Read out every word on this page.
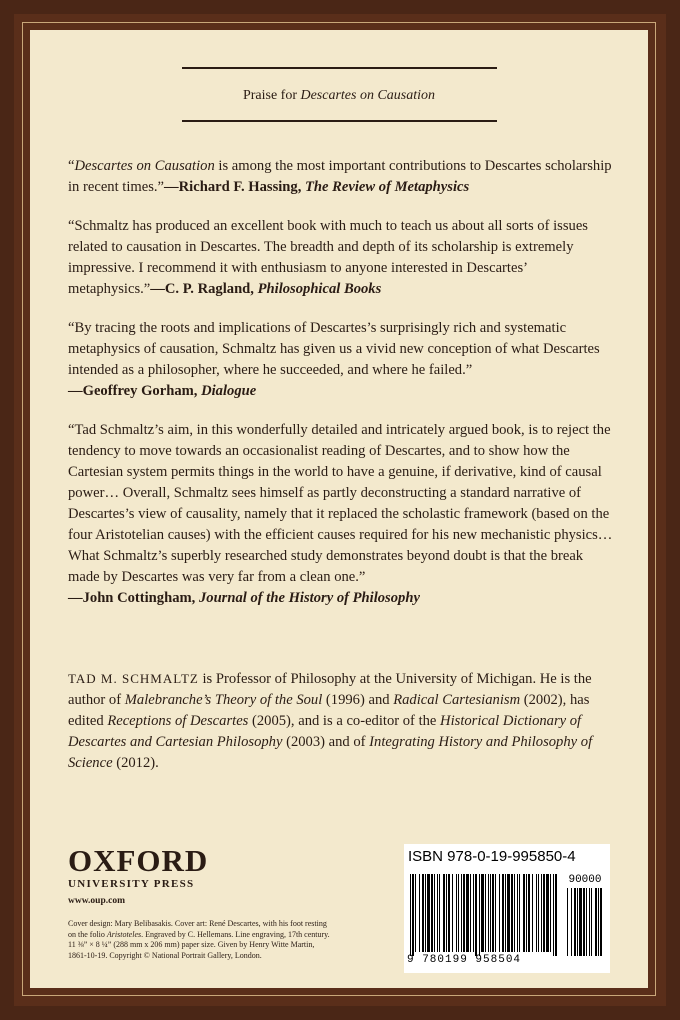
Praise for Descartes on Causation

“Descartes on Causation is among the most important contributions to Descartes scholarship in recent times.”—Richard F. Hassing, The Review of Metaphysics

“Schmaltz has produced an excellent book with much to teach us about all sorts of issues related to causation in Descartes. The breadth and depth of its scholarship is extremely impressive. I recommend it with enthusiasm to anyone interested in Descartes’ metaphysics.”—C. P. Ragland, Philosophical Books

“By tracing the roots and implications of Descartes’s surprisingly rich and systematic metaphysics of causation, Schmaltz has given us a vivid new conception of what Descartes intended as a philosopher, where he succeeded, and where he failed.”
—Geoffrey Gorham, Dialogue

“Tad Schmaltz’s aim, in this wonderfully detailed and intricately argued book, is to reject the tendency to move towards an occasionalist reading of Descartes, and to show how the Cartesian system permits things in the world to have a genuine, if derivative, kind of causal power… Overall, Schmaltz sees himself as partly deconstructing a standard narrative of Descartes’s view of causality, namely that it replaced the scholastic framework (based on the four Aristotelian causes) with the efficient causes required for his new mechanistic physics… What Schmaltz’s superbly researched study demonstrates beyond doubt is that the break made by Descartes was very far from a clean one.”
—John Cottingham, Journal of the History of Philosophy

TAD M. SCHMALTZ is Professor of Philosophy at the University of Michigan. He is the author of Malebranche’s Theory of the Soul (1996) and Radical Cartesianism (2002), has edited Receptions of Descartes (2005), and is a co-editor of the Historical Dictionary of Descartes and Cartesian Philosophy (2003) and of Integrating History and Philosophy of Science (2012).
OXFORD
UNIVERSITY PRESS
www.oup.com
Cover design: Mary Belibasakis. Cover art: René Descartes, with his foot resting
on the folio Aristoteles. Engraved by C. Hellemans. Line engraving, 17th century.
11 ⅜” × 8 ¼” (288 mm x 206 mm) paper size. Given by Henry Witte Martin,
1861-10-19. Copyright © National Portrait Gallery, London.
ISBN 978-0-19-995850-4
90000
9 780199 958504
